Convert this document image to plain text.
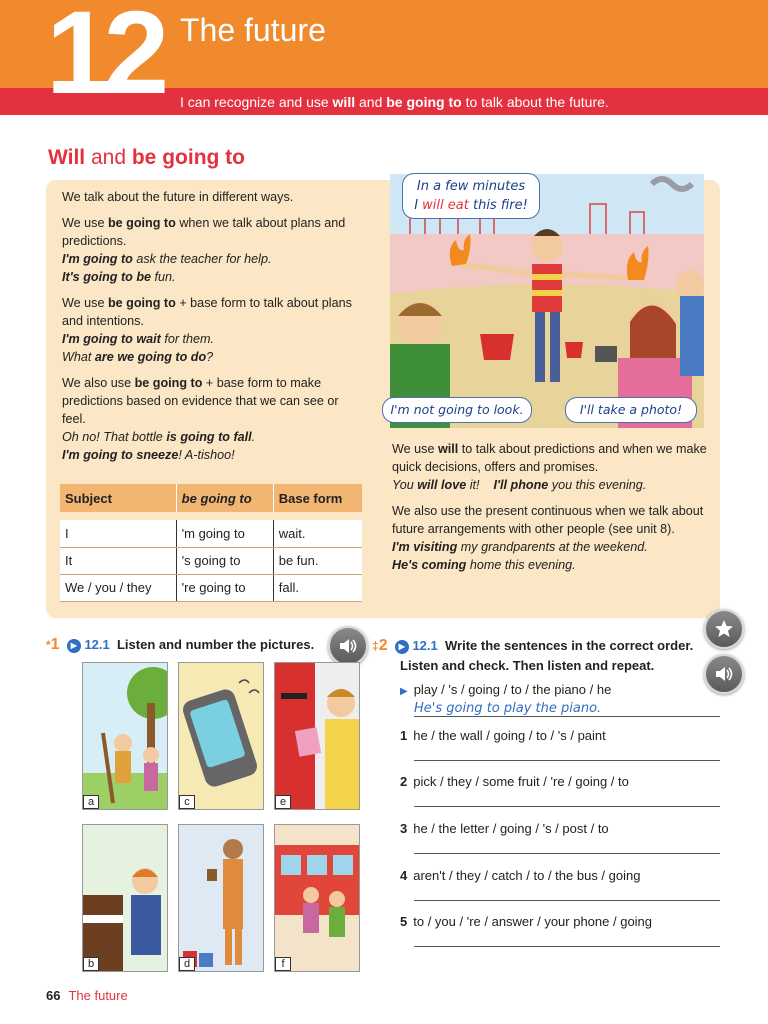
12 The future
I can recognize and use will and be going to to talk about the future.
Will and be going to

We talk about the future in different ways.

We use be going to when we talk about plans and predictions.
I'm going to ask the teacher for help.
It's going to be fun.

We use be going to + base form to talk about plans and intentions.
I'm going to wait for them.
What are we going to do?

We also use be going to + base form to make predictions based on evidence that we can see or feel.
Oh no! That bottle is going to fall.
I'm going to sneeze! A-tishoo!

Subject	be going to	Base form

I	'm going to	wait.
It	's going to	be fun.
We / you / they	're going to	fall.
In a few minutes
I will eat this fire!
I'm not going to look.	I'll take a photo!

We use will to talk about predictions and when we make quick decisions, offers and promises.
You will love it! I'll phone you this evening.

We also use the present continuous when we talk about future arrangements with other people (see unit 8).
I'm visiting my grandparents at the weekend.
He's coming home this evening.

*1 ▶ 12.1 Listen and number the pictures.
a	c	e
b	d	f
‡2 ▶ 12.1 Write the sentences in the correct order.
Listen and check. Then listen and repeat.
▶ play / 's / going / to / the piano / he
He's going to play the piano.
1 he / the wall / going / to / 's / paint
2 pick / they / some fruit / 're / going / to
3 he / the letter / going / 's / post / to
4 aren't / they / catch / to / the bus / going
5 to / you / 're / answer / your phone / going
66 The future
